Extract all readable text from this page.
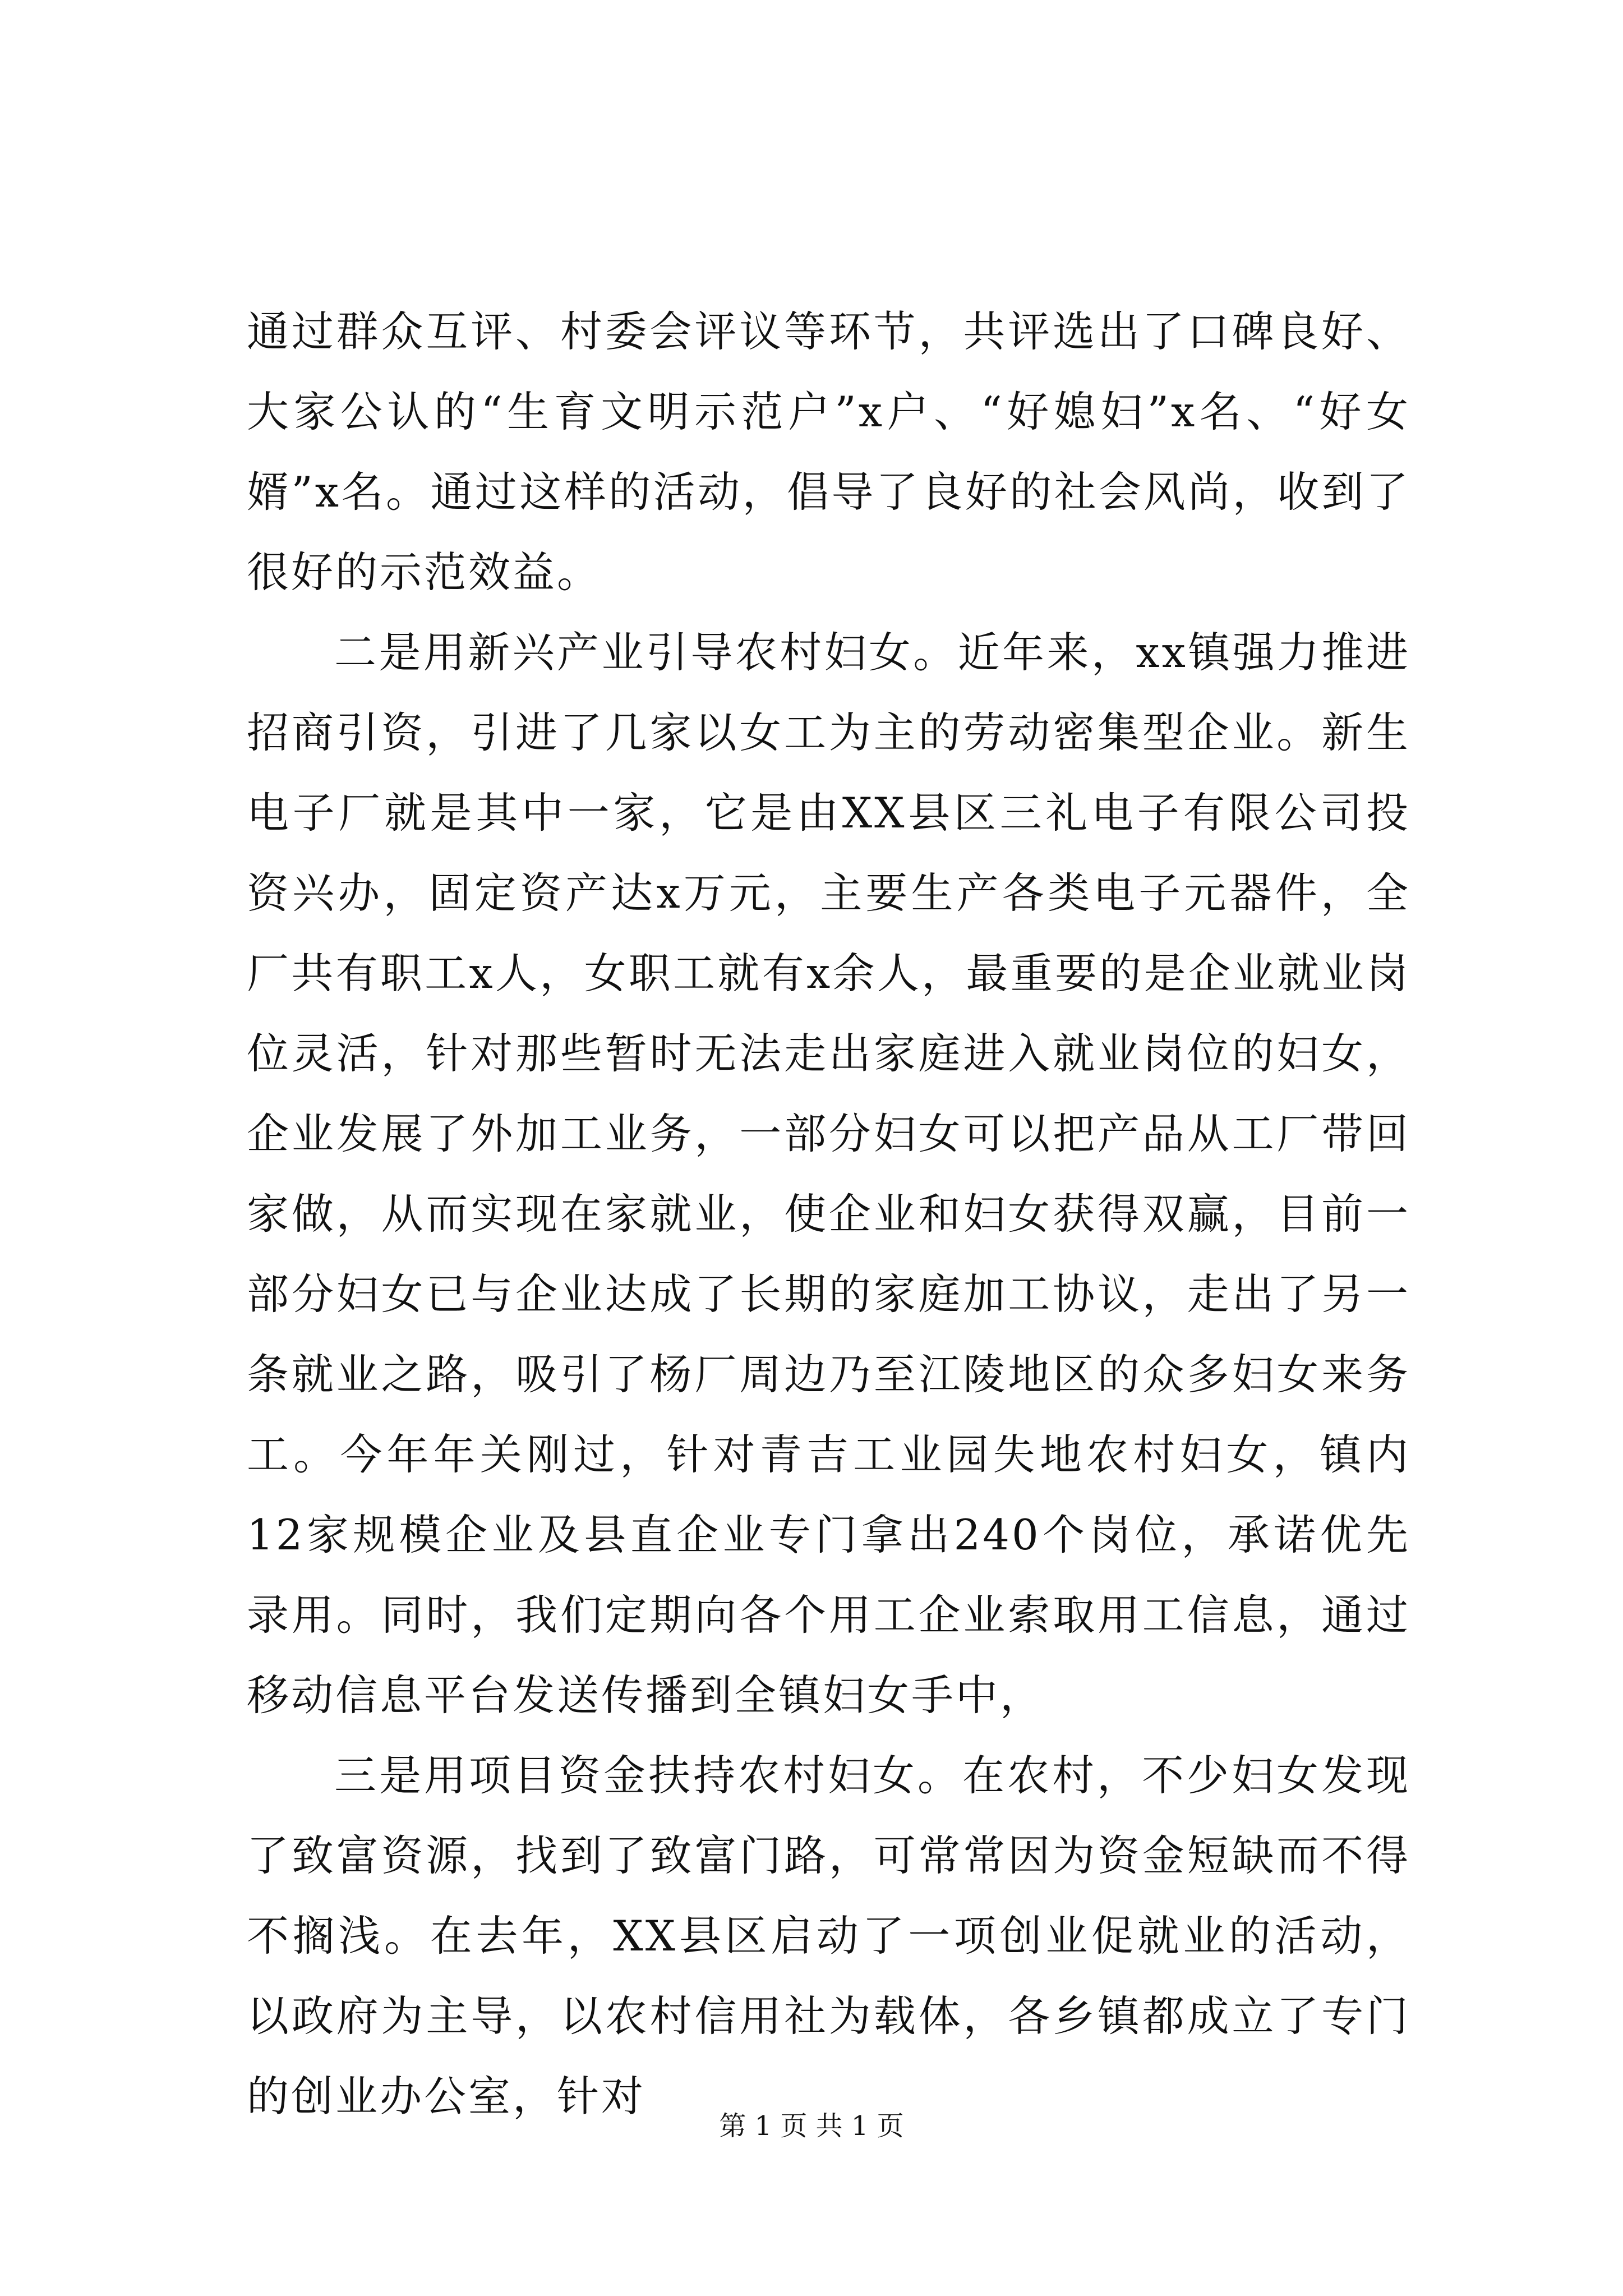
通过群众互评、村委会评议等环节，共评选出了口碑良好、大家公认的“生育文明示范户”x户、“好媳妇”x名、“好女婿”x名。通过这样的活动，倡导了良好的社会风尚，收到了很好的示范效益。

二是用新兴产业引导农村妇女。近年来，xx镇强力推进招商引资，引进了几家以女工为主的劳动密集型企业。新生电子厂就是其中一家，它是由XX县区三礼电子有限公司投资兴办，固定资产达x万元，主要生产各类电子元器件，全厂共有职工x人，女职工就有x余人，最重要的是企业就业岗位灵活，针对那些暂时无法走出家庭进入就业岗位的妇女，企业发展了外加工业务，一部分妇女可以把产品从工厂带回家做，从而实现在家就业，使企业和妇女获得双赢，目前一部分妇女已与企业达成了长期的家庭加工协议，走出了另一条就业之路，吸引了杨厂周边乃至江陵地区的众多妇女来务工。今年年关刚过，针对青吉工业园失地农村妇女，镇内12家规模企业及县直企业专门拿出240个岗位，承诺优先录用。同时，我们定期向各个用工企业索取用工信息，通过移动信息平台发送传播到全镇妇女手中，

三是用项目资金扶持农村妇女。在农村，不少妇女发现了致富资源，找到了致富门路，可常常因为资金短缺而不得不搁浅。在去年，XX县区启动了一项创业促就业的活动，以政府为主导，以农村信用社为载体，各乡镇都成立了专门的创业办公室，针对

第 1 页 共 1 页
